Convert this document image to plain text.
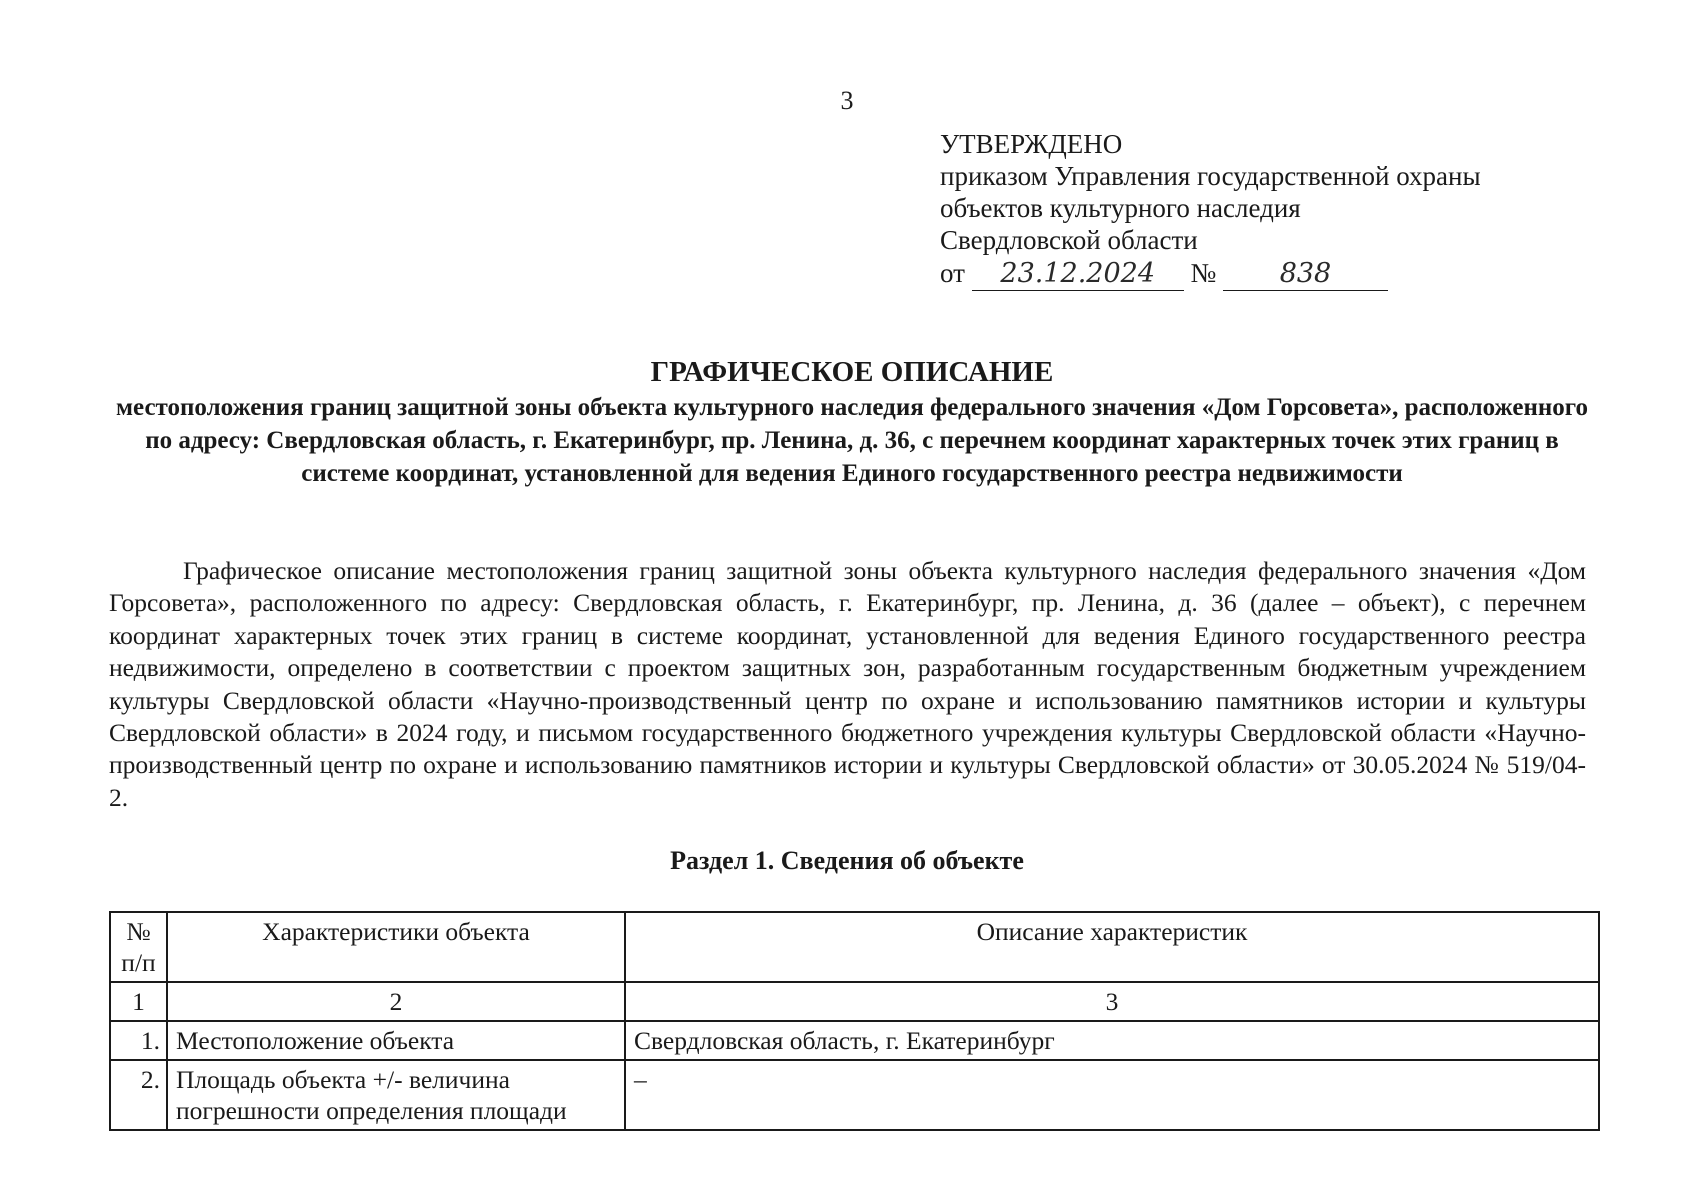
3
УТВЕРЖДЕНО
приказом Управления государственной охраны
объектов культурного наследия
Свердловской области
от 23.12.2024 № 838
ГРАФИЧЕСКОЕ ОПИСАНИЕ
местоположения границ защитной зоны объекта культурного наследия федерального значения «Дом Горсовета», расположенного по адресу: Свердловская область, г. Екатеринбург, пр. Ленина, д. 36, с перечнем координат характерных точек этих границ в системе координат, установленной для ведения Единого государственного реестра недвижимости

Графическое описание местоположения границ защитной зоны объекта культурного наследия федерального значения «Дом Горсовета», расположенного по адресу: Свердловская область, г. Екатеринбург, пр. Ленина, д. 36 (далее – объект), с перечнем координат характерных точек этих границ в системе координат, установленной для ведения Единого государственного реестра недвижимости, определено в соответствии с проектом защитных зон, разработанным государственным бюджетным учреждением культуры Свердловской области «Научно-производственный центр по охране и использованию памятников истории и культуры Свердловской области» в 2024 году, и письмом государственного бюджетного учреждения культуры Свердловской области «Научно-производственный центр по охране и использованию памятников истории и культуры Свердловской области» от 30.05.2024 № 519/04-2.

Раздел 1. Сведения об объекте
№ п/п	Характеристики объекта	Описание характеристик
1	2	3
1.	Местоположение объекта	Свердловская область, г. Екатеринбург
2.	Площадь объекта +/- величина погрешности определения площади	–
